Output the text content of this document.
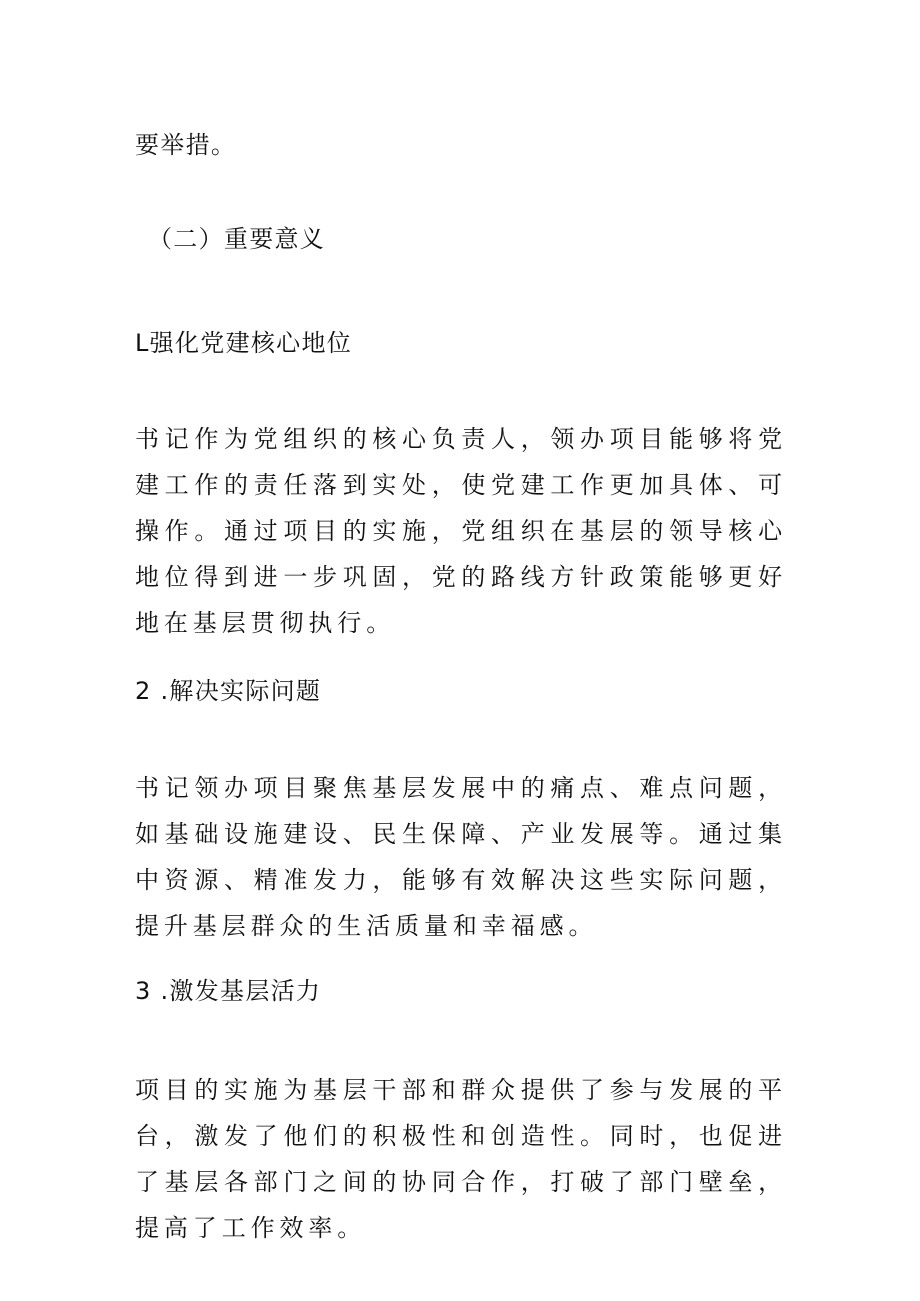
要举措。
（二）重要意义
L强化党建核心地位
书记作为党组织的核心负责人，领办项目能够将党建工作的责任落到实处，使党建工作更加具体、可操作。通过项目的实施，党组织在基层的领导核心地位得到进一步巩固，党的路线方针政策能够更好地在基层贯彻执行。
2 .解决实际问题
书记领办项目聚焦基层发展中的痛点、难点问题，如基础设施建设、民生保障、产业发展等。通过集中资源、精准发力，能够有效解决这些实际问题，提升基层群众的生活质量和幸福感。
3 .激发基层活力
项目的实施为基层干部和群众提供了参与发展的平台，激发了他们的积极性和创造性。同时，也促进了基层各部门之间的协同合作，打破了部门壁垒，提高了工作效率。
